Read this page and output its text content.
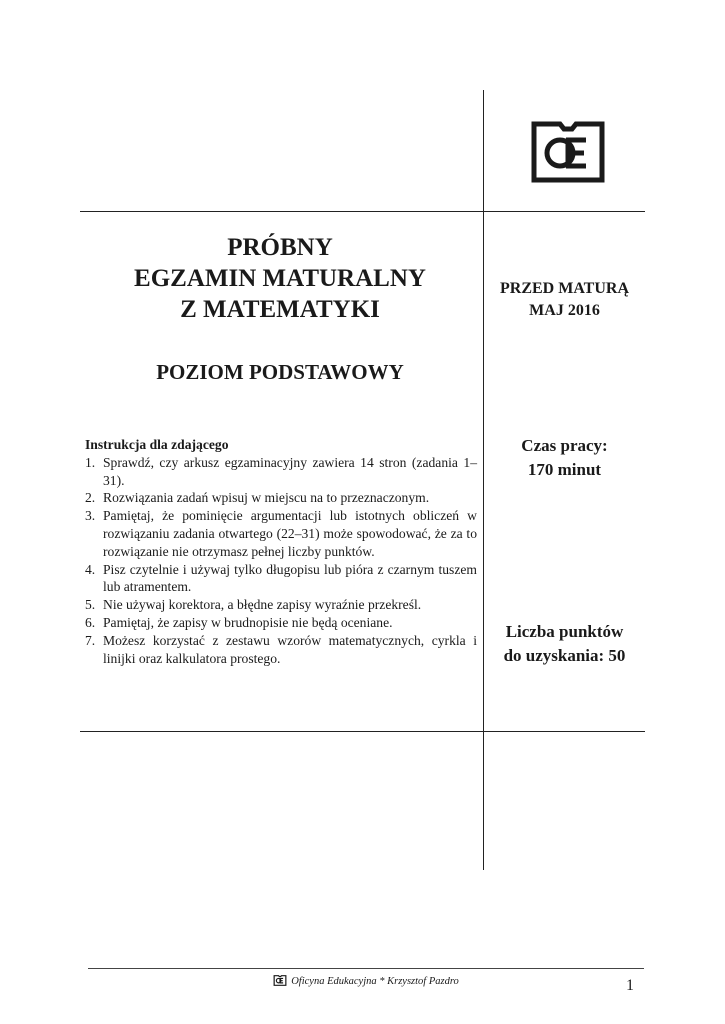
PRÓBNY
EGZAMIN MATURALNY
Z MATEMATYKI
POZIOM PODSTAWOWY
PRZED MATURĄ
MAJ 2016
Czas pracy:
170 minut
Liczba punktów
do uzyskania: 50
Instrukcja dla zdającego
1. Sprawdź, czy arkusz egzaminacyjny zawiera 14 stron (zadania 1–31).
2. Rozwiązania zadań wpisuj w miejscu na to przeznaczonym.
3. Pamiętaj, że pominięcie argumentacji lub istotnych obliczeń w rozwiązaniu zadania otwartego (22–31) może spowodować, że za to rozwiązanie nie otrzymasz pełnej liczby punktów.
4. Pisz czytelnie i używaj tylko długopisu lub pióra z czarnym tuszem lub atramentem.
5. Nie używaj korektora, a błędne zapisy wyraźnie przekreśl.
6. Pamiętaj, że zapisy w brudnopisie nie będą oceniane.
7. Możesz korzystać z zestawu wzorów matematycznych, cyrkla i linijki oraz kalkulatora prostego.
Oficyna Edukacyjna * Krzysztof Pazdro	1
